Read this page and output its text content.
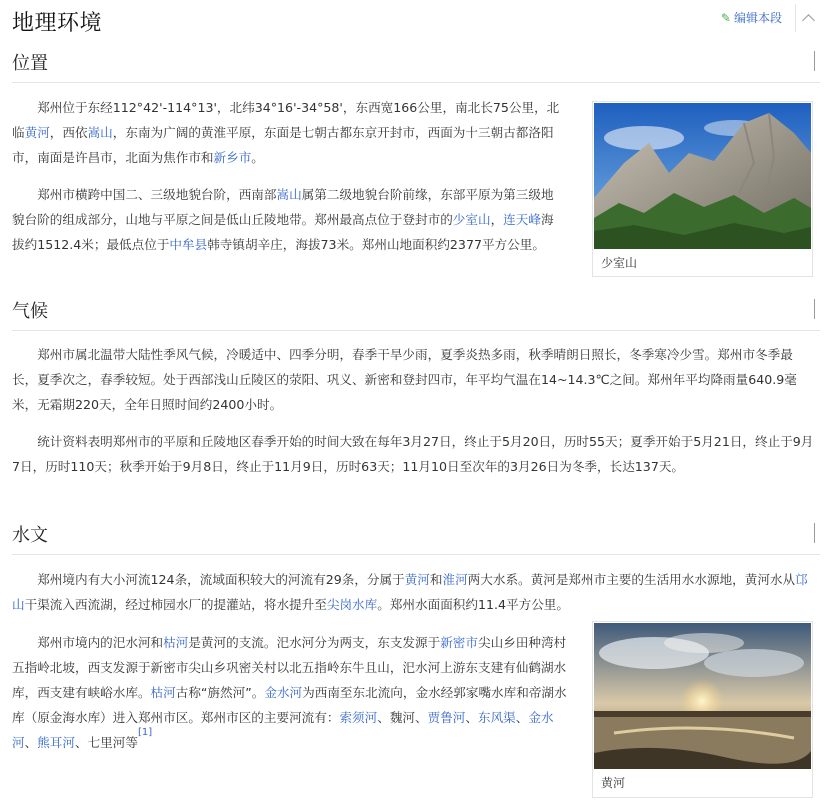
地理环境	✎ 编辑本段
位置

郑州位于东经112°42'-114°13'，北纬34°16'-34°58'，东西宽166公里，南北长75公里，北临黄河，西依嵩山，东南为广阔的黄淮平原，东面是七朝古都东京开封市，西面为十三朝古都洛阳市，南面是许昌市，北面为焦作市和新乡市。

郑州市横跨中国二、三级地貌台阶，西南部嵩山属第二级地貌台阶前缘，东部平原为第三级地貌台阶的组成部分，山地与平原之间是低山丘陵地带。郑州最高点位于登封市的少室山，连天峰海拔约1512.4米；最低点位于中牟县韩寺镇胡辛庄，海拔73米。郑州山地面积约2377平方公里。

少室山
气候

郑州市属北温带大陆性季风气候，冷暖适中、四季分明，春季干旱少雨，夏季炎热多雨，秋季晴朗日照长，冬季寒冷少雪。郑州市冬季最长，夏季次之，春季较短。处于西部浅山丘陵区的荥阳、巩义、新密和登封四市，年平均气温在14~14.3℃之间。郑州年平均降雨量640.9毫米，无霜期220天，全年日照时间约2400小时。

统计资料表明郑州市的平原和丘陵地区春季开始的时间大致在每年3月27日，终止于5月20日，历时55天；夏季开始于5月21日，终止于9月7日，历时110天；秋季开始于9月8日，终止于11月9日，历时63天；11月10日至次年的3月26日为冬季，长达137天。

水文

郑州境内有大小河流124条，流域面积较大的河流有29条，分属于黄河和淮河两大水系。黄河是郑州市主要的生活用水水源地，黄河水从邙山干渠流入西流湖，经过柿园水厂的提灌站，将水提升至尖岗水库。郑州水面面积约11.4平方公里。

郑州市境内的汜水河和枯河是黄河的支流。汜水河分为两支，东支发源于新密市尖山乡田种湾村五指岭北坡，西支发源于新密市尖山乡巩密关村以北五指岭东牛且山，汜水河上游东支建有仙鹤湖水库，西支建有峡峪水库。枯河古称“旃然河”。金水河为西南至东北流向，金水经郭家嘴水库和帝湖水库（原金海水库）进入郑州市区。郑州市区的主要河流有：索须河、魏河、贾鲁河、东风渠、金水河、熊耳河、七里河等[1]

黄河
